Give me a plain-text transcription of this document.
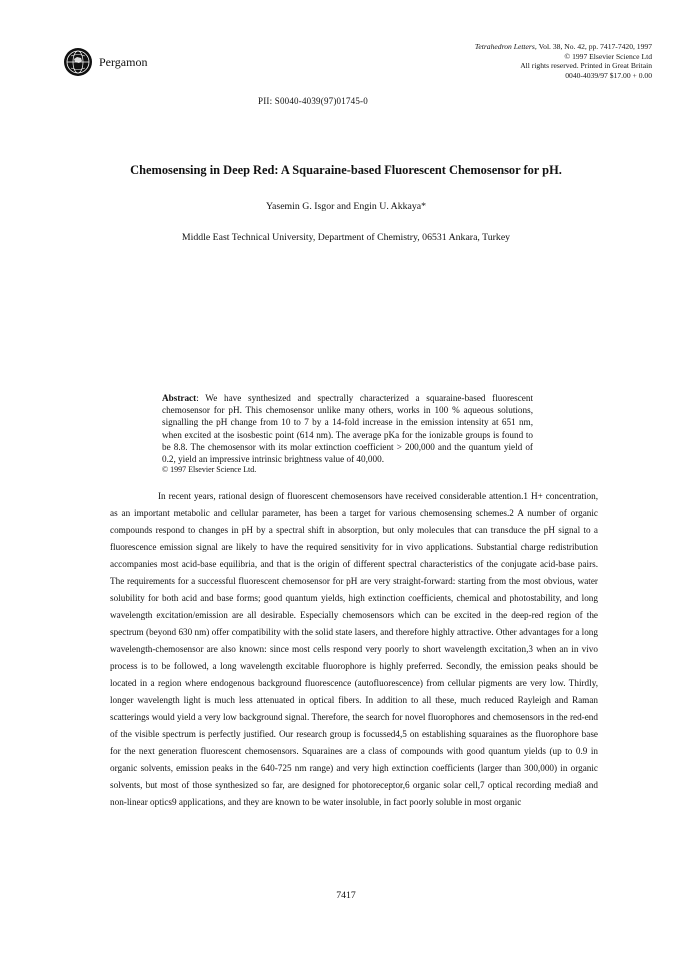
Pergamon
Tetrahedron Letters, Vol. 38, No. 42, pp. 7417-7420, 1997
© 1997 Elsevier Science Ltd
All rights reserved. Printed in Great Britain
0040-4039/97 $17.00 + 0.00
PII: S0040-4039(97)01745-0
Chemosensing in Deep Red: A Squaraine-based Fluorescent Chemosensor for pH.
Yasemin G. Isgor and Engin U. Akkaya*
Middle East Technical University, Department of Chemistry, 06531 Ankara, Turkey
Abstract: We have synthesized and spectrally characterized a squaraine-based fluorescent chemosensor for pH. This chemosensor unlike many others, works in 100 % aqueous solutions, signalling the pH change from 10 to 7 by a 14-fold increase in the emission intensity at 651 nm, when excited at the isosbestic point (614 nm). The average pKa for the ionizable groups is found to be 8.8. The chemosensor with its molar extinction coefficient > 200,000 and the quantum yield of 0.2, yield an impressive intrinsic brightness value of 40,000.
© 1997 Elsevier Science Ltd.
In recent years, rational design of fluorescent chemosensors have received considerable attention.1 H+ concentration, as an important metabolic and cellular parameter, has been a target for various chemosensing schemes.2 A number of organic compounds respond to changes in pH by a spectral shift in absorption, but only molecules that can transduce the pH signal to a fluorescence emission signal are likely to have the required sensitivity for in vivo applications. Substantial charge redistribution accompanies most acid-base equilibria, and that is the origin of different spectral characteristics of the conjugate acid-base pairs. The requirements for a successful fluorescent chemosensor for pH are very straight-forward: starting from the most obvious, water solubility for both acid and base forms; good quantum yields, high extinction coefficients, chemical and photostability, and long wavelength excitation/emission are all desirable. Especially chemosensors which can be excited in the deep-red region of the spectrum (beyond 630 nm) offer compatibility with the solid state lasers, and therefore highly attractive. Other advantages for a long wavelength-chemosensor are also known: since most cells respond very poorly to short wavelength excitation,3 when an in vivo process is to be followed, a long wavelength excitable fluorophore is highly preferred. Secondly, the emission peaks should be located in a region where endogenous background fluorescence (autofluorescence) from cellular pigments are very low. Thirdly, longer wavelength light is much less attenuated in optical fibers. In addition to all these, much reduced Rayleigh and Raman scatterings would yield a very low background signal. Therefore, the search for novel fluorophores and chemosensors in the red-end of the visible spectrum is perfectly justified. Our research group is focussed4,5 on establishing squaraines as the fluorophore base for the next generation fluorescent chemosensors. Squaraines are a class of compounds with good quantum yields (up to 0.9 in organic solvents, emission peaks in the 640-725 nm range) and very high extinction coefficients (larger than 300,000) in organic solvents, but most of those synthesized so far, are designed for photoreceptor,6 organic solar cell,7 optical recording media8 and non-linear optics9 applications, and they are known to be water insoluble, in fact poorly soluble in most organic
7417
